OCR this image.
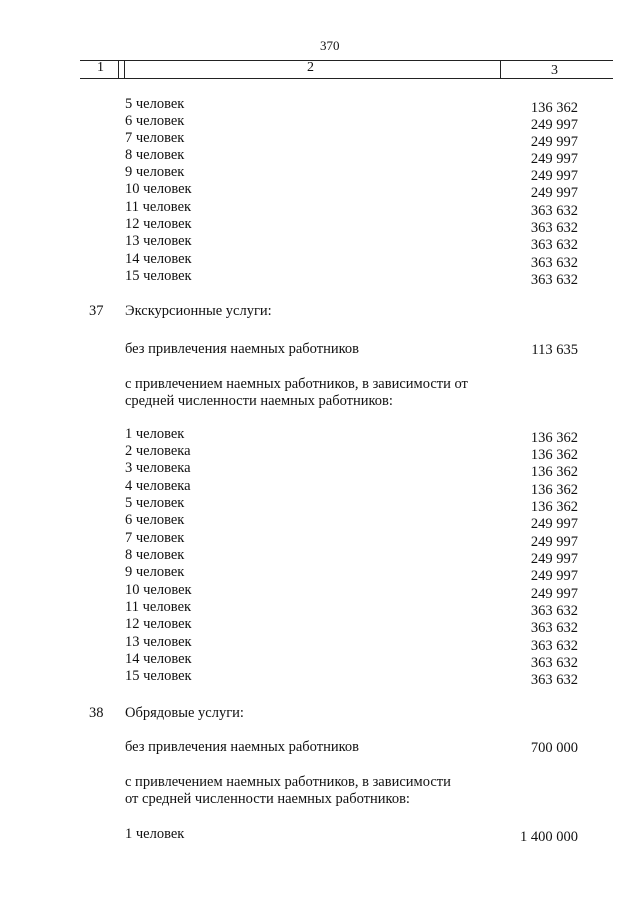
370
1	2	3
5 человек	136 362
6 человек	249 997
7 человек	249 997
8 человек	249 997
9 человек	249 997
10 человек	249 997
11 человек	363 632
12 человек	363 632
13 человек	363 632
14 человек	363 632
15 человек	363 632
37 Экскурсионные услуги:
без привлечения наемных работников	113 635
с привлечением наемных работников, в зависимости от
средней численности наемных работников:
1 человек	136 362
2 человека	136 362
3 человека	136 362
4 человека	136 362
5 человек	136 362
6 человек	249 997
7 человек	249 997
8 человек	249 997
9 человек	249 997
10 человек	249 997
11 человек	363 632
12 человек	363 632
13 человек	363 632
14 человек	363 632
15 человек	363 632
38 Обрядовые услуги:
без привлечения наемных работников	700 000
с привлечением наемных работников, в зависимости
от средней численности наемных работников:
1 человек	1 400 000
